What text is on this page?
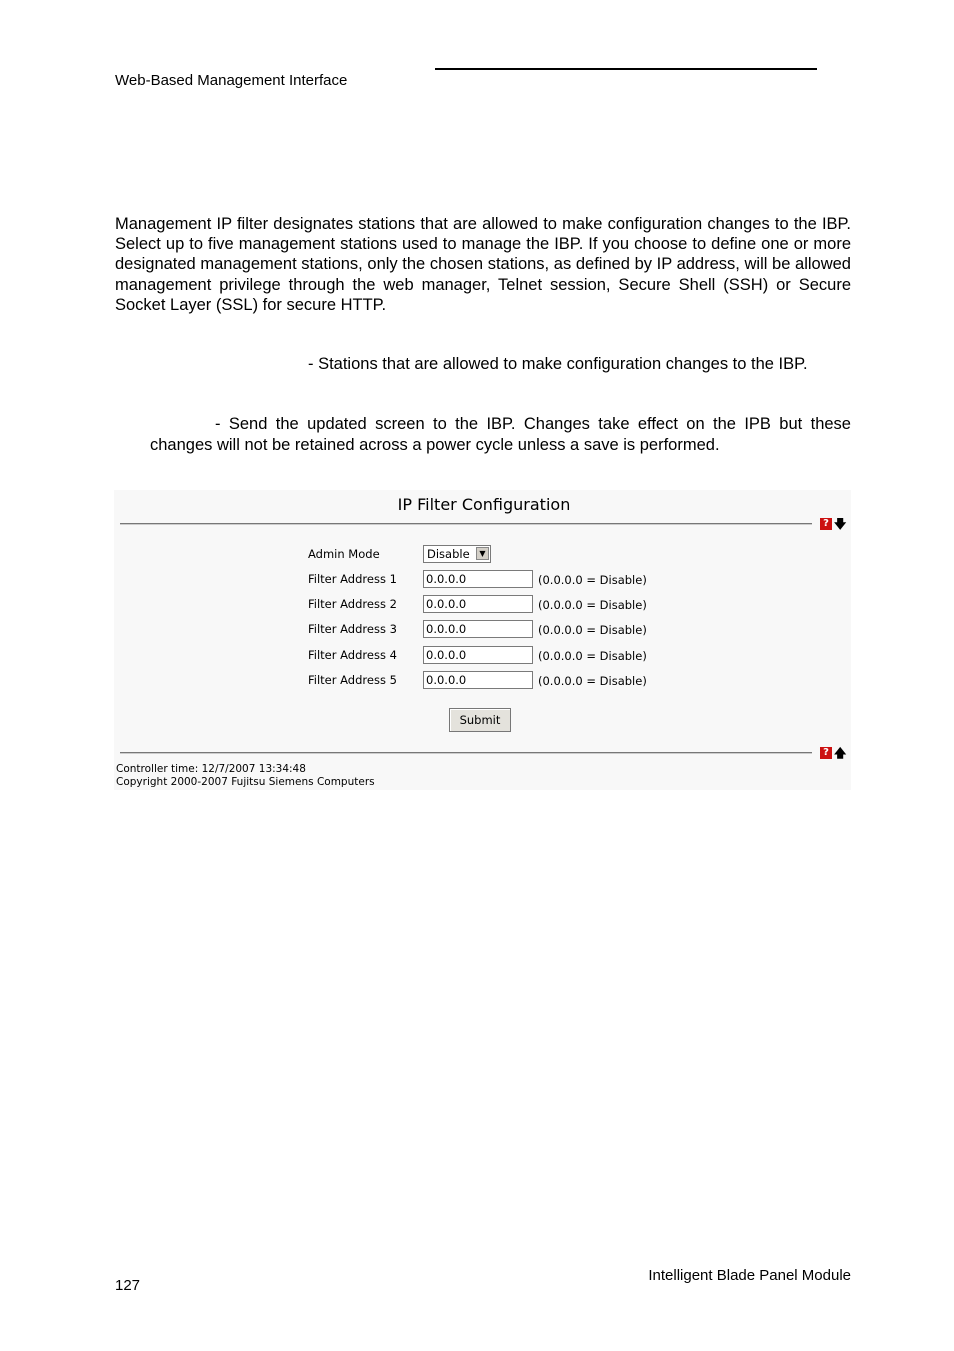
Web-Based Management Interface
Management IP filter designates stations that are allowed to make configuration changes to the IBP. Select up to five management stations used to manage the IBP. If you choose to define one or more designated management stations, only the chosen stations, as defined by IP address, will be allowed management privilege through the web manager, Telnet session, Secure Shell (SSH) or Secure Socket Layer (SSL) for secure HTTP.
- Stations that are allowed to make configuration changes to the IBP.
- Send the updated screen to the IBP. Changes take effect on the IPB but these
changes will not be retained across a power cycle unless a save is performed.
IP Filter Configuration
? 🡇
Admin Mode	Disable	▼
Filter Address 1	0.0.0.0	(0.0.0.0 = Disable)
Filter Address 2	0.0.0.0	(0.0.0.0 = Disable)
Filter Address 3	0.0.0.0	(0.0.0.0 = Disable)
Filter Address 4	0.0.0.0	(0.0.0.0 = Disable)
Filter Address 5	0.0.0.0	(0.0.0.0 = Disable)
Submit
? 🡅
Controller time: 12/7/2007 13:34:48
Copyright 2000-2007 Fujitsu Siemens Computers
127
Intelligent Blade Panel Module
